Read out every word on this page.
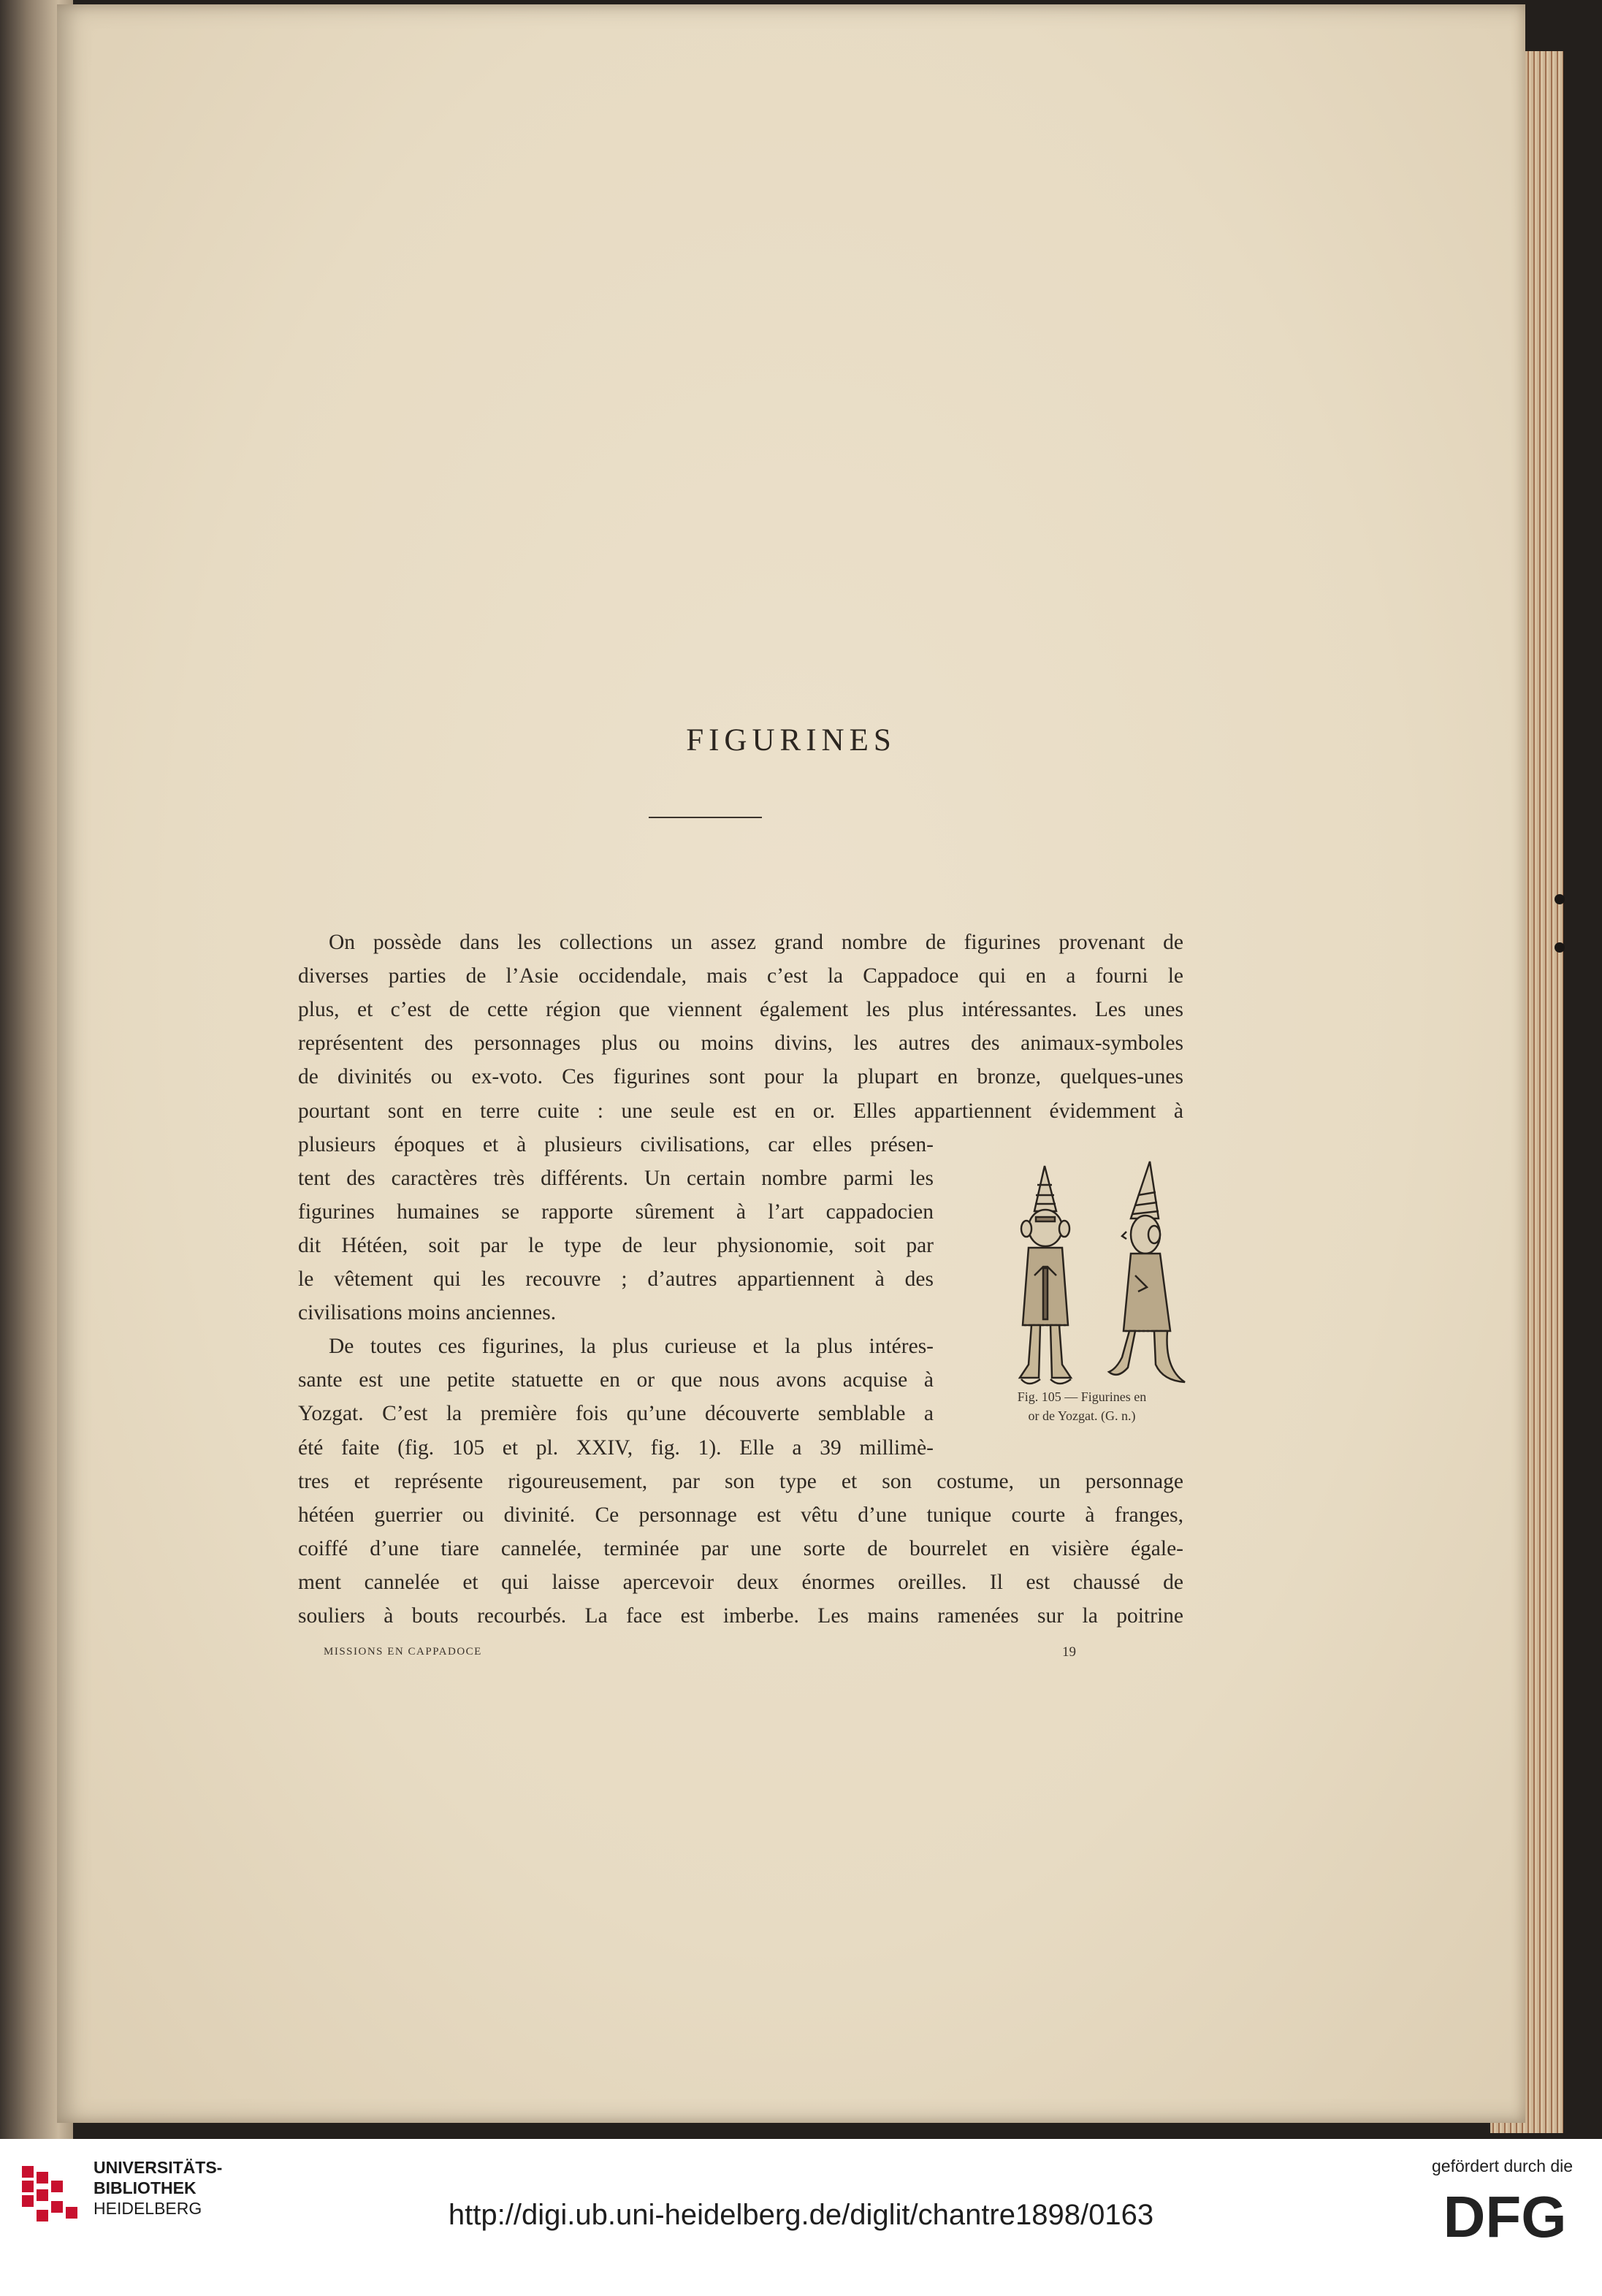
FIGURINES
On possède dans les collections un assez grand nombre de figurines provenant de
diverses parties de l’Asie occidendale, mais c’est la Cappadoce qui en a fourni le
plus, et c’est de cette région que viennent également les plus intéressantes. Les unes
représentent des personnages plus ou moins divins, les autres des animaux-symboles
de divinités ou ex-voto. Ces figurines sont pour la plupart en bronze, quelques-unes
pourtant sont en terre cuite : une seule est en or. Elles appartiennent évidemment à
plusieurs époques et à plusieurs civilisations, car elles présen-
tent des caractères très différents. Un certain nombre parmi les
figurines humaines se rapporte sûrement à l’art cappadocien
dit Hétéen, soit par le type de leur physionomie, soit par
le vêtement qui les recouvre ; d’autres appartiennent à des
civilisations moins anciennes.
De toutes ces figurines, la plus curieuse et la plus intéres-
sante est une petite statuette en or que nous avons acquise à
Yozgat. C’est la première fois qu’une découverte semblable a
été faite (fig. 105 et pl. XXIV, fig. 1). Elle a 39 millimè-
tres et représente rigoureusement, par son type et son costume, un personnage
hétéen guerrier ou divinité. Ce personnage est vêtu d’une tunique courte à franges,
coiffé d’une tiare cannelée, terminée par une sorte de bourrelet en visière égale-
ment cannelée et qui laisse apercevoir deux énormes oreilles. Il est chaussé de
souliers à bouts recourbés. La face est imberbe. Les mains ramenées sur la poitrine
Fig. 105 — Figurines en
or de Yozgat. (G. n.)
MISSIONS EN CAPPADOCE	19
UNIVERSITÄTS-
BIBLIOTHEK
HEIDELBERG	http://digi.ub.uni-heidelberg.de/diglit/chantre1898/0163
gefördert durch die
DFG
